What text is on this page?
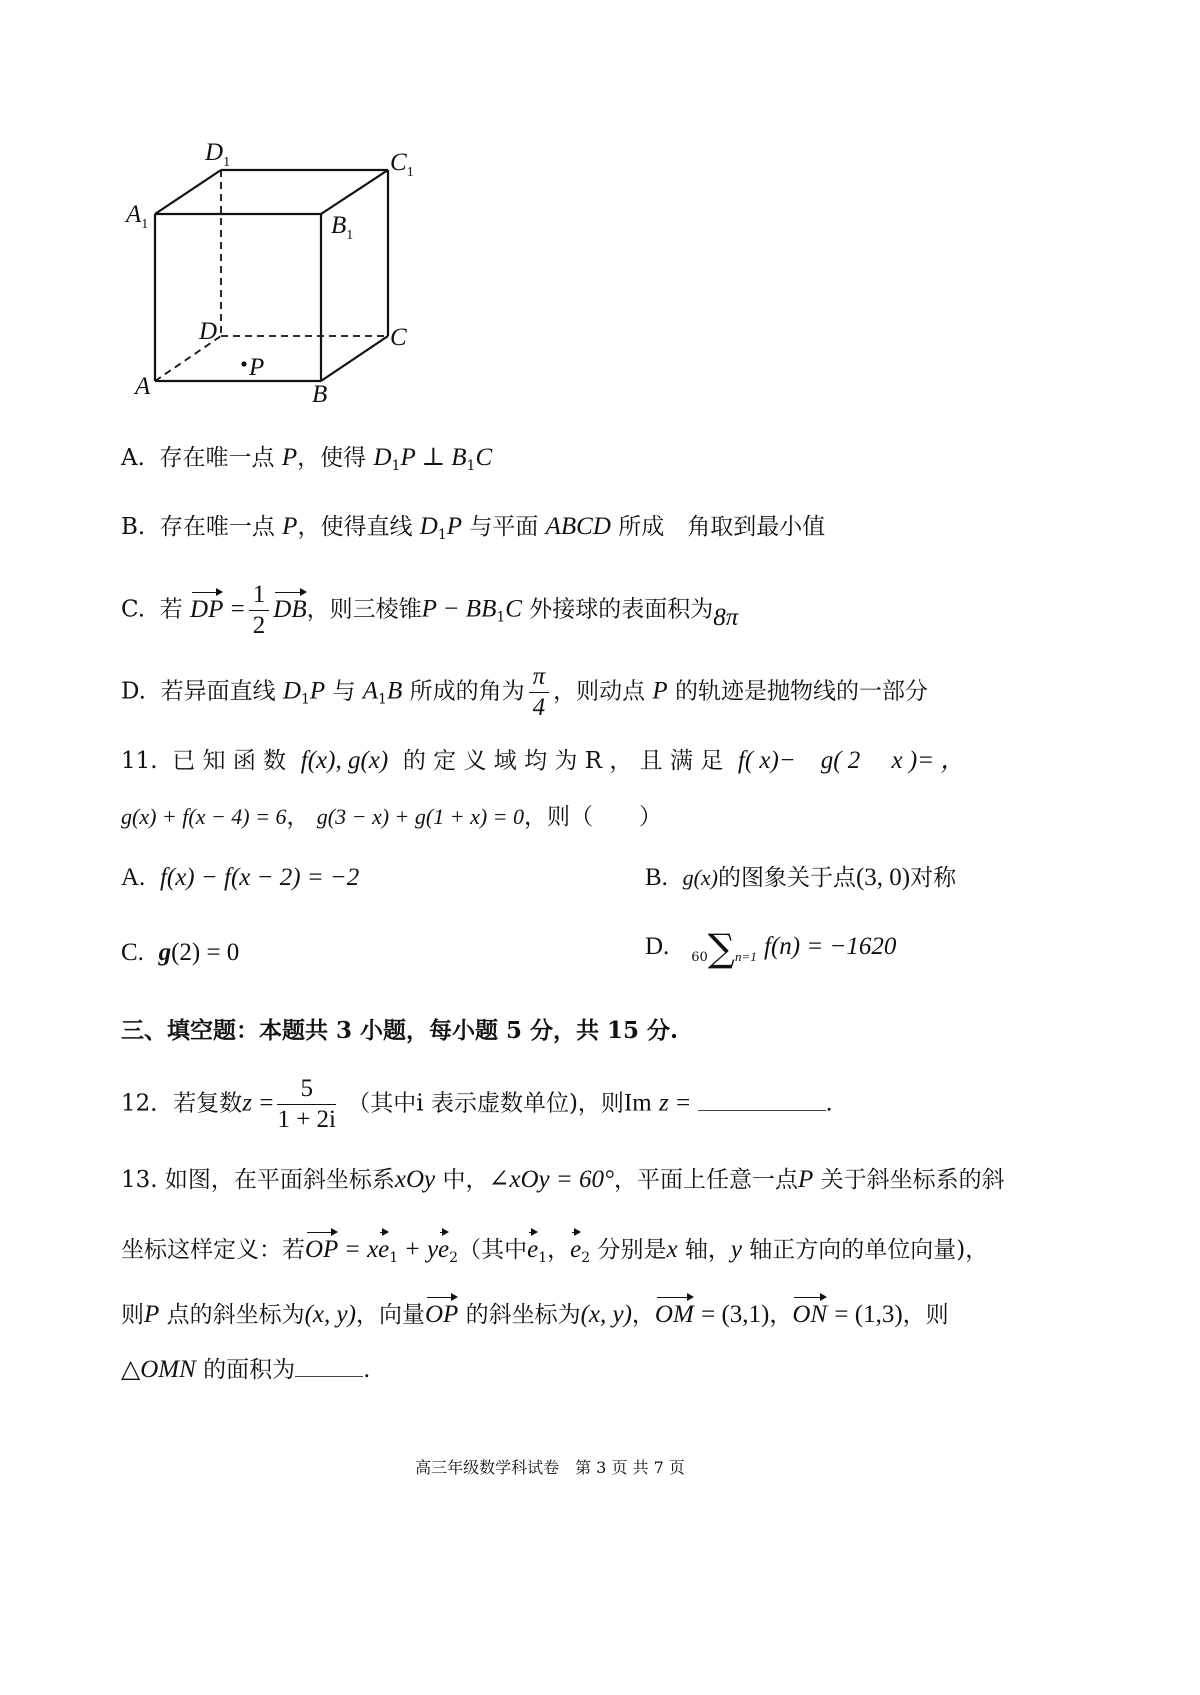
$D_1$	$C_1$
$A_1$	$B_1$
D	C
A	B
P
A. 存在唯一点 P，使得 $D_1P$ ⊥ $B_1C$
B. 存在唯一点 P，使得直线 $D_1P$ 与平面 ABCD 所成　角取到最小值
C. 若 DP = $\frac{1}{2}$ DB，则三棱锥$P - BB_1C$ 外接球的表面积为8π
D. 若异面直线 $D_1P$ 与 $A_1B$ 所成的角为 $\frac{\pi}{4}$ ，则动点 P 的轨迹是抛物线的一部分
11. 已 知 函 数 f(x), g(x) 的 定 义 域 均 为 R ， 且 满 足 f( x)−　g( 2　 x )= ，
g(x) + f(x − 4) = 6， g(3 − x) + g(1 + x) = 0，则（　　）
A. f(x) − f(x − 2) = −2	B. g(x)的图象关于点(3, 0)对称
C. g(2) = 0	D. 60∑n=1 f(n) = −1620
三、填空题：本题共 3 小题，每小题 5 分，共 15 分.
12．若复数$z = \frac{5}{1 + 2i}$ （其中i 表示虚数单位)，则Im z =	.
13. 如图，在平面斜坐标系xOy 中，∠xOy = 60°，平面上任意一点P 关于斜坐标系的斜
坐标这样定义：若OP = $xe_1 + ye_2$（其中$e_1$，$e_2$ 分别是x 轴，y 轴正方向的单位向量)，
则P 点的斜坐标为(x, y)，向量OP 的斜坐标为(x, y)，OM = (3,1)，ON = (1,3)，则
△OMN 的面积为	.
高三年级数学科试卷　第 3 页 共 7 页
